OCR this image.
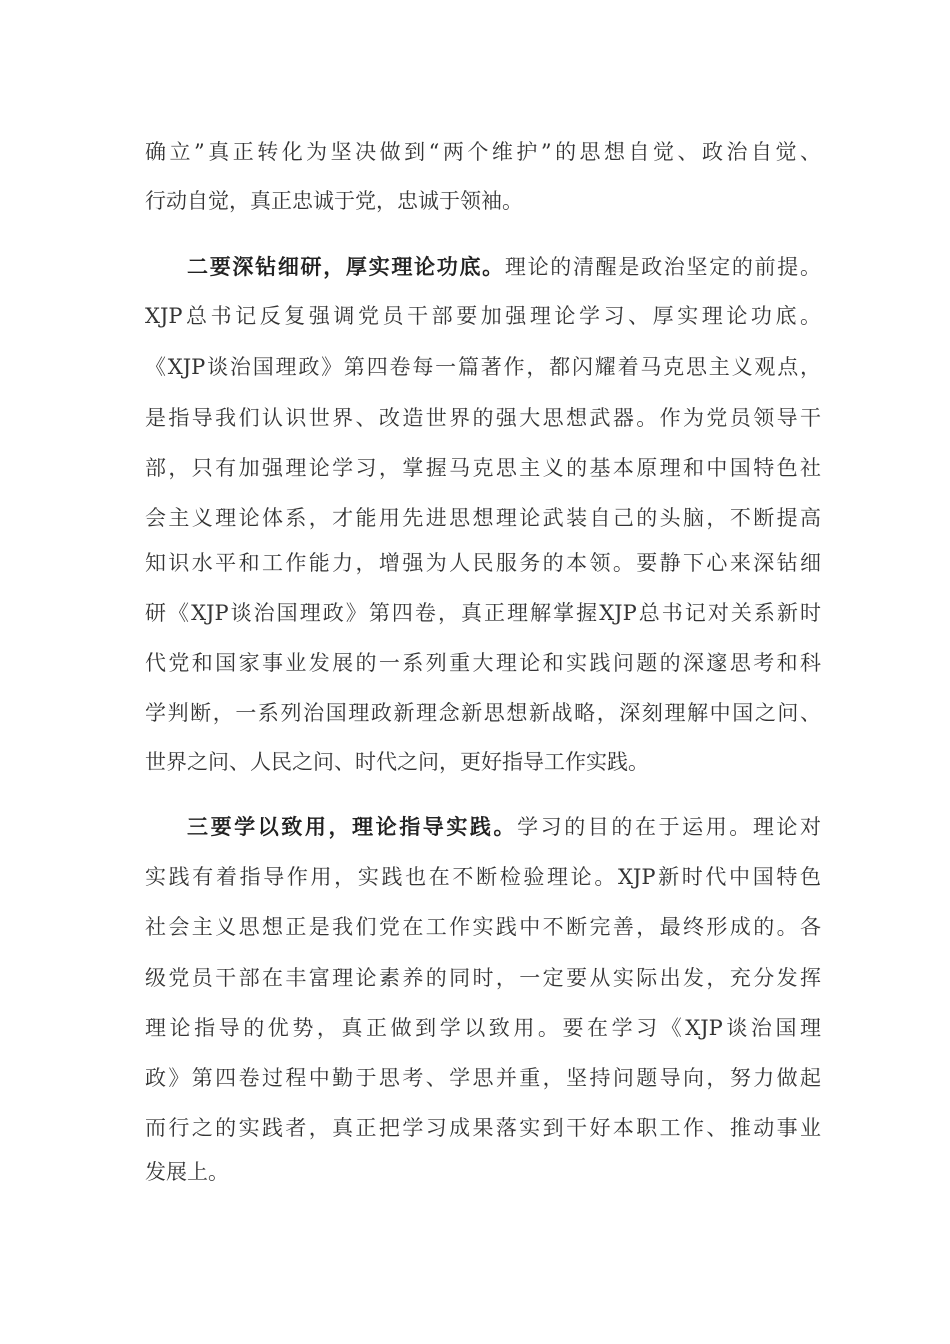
确立”真正转化为坚决做到“两个维护”的思想自觉、政治自觉、
行动自觉，真正忠诚于党，忠诚于领袖。
二要深钻细研，厚实理论功底。理论的清醒是政治坚定的前提。
XJP总书记反复强调党员干部要加强理论学习、厚实理论功底。
《XJP谈治国理政》第四卷每一篇著作，都闪耀着马克思主义观点，
是指导我们认识世界、改造世界的强大思想武器。作为党员领导干
部，只有加强理论学习，掌握马克思主义的基本原理和中国特色社
会主义理论体系，才能用先进思想理论武装自己的头脑，不断提高
知识水平和工作能力，增强为人民服务的本领。要静下心来深钻细
研《XJP谈治国理政》第四卷，真正理解掌握XJP总书记对关系新时
代党和国家事业发展的一系列重大理论和实践问题的深邃思考和科
学判断，一系列治国理政新理念新思想新战略，深刻理解中国之问、
世界之问、人民之问、时代之问，更好指导工作实践。
三要学以致用，理论指导实践。学习的目的在于运用。理论对
实践有着指导作用，实践也在不断检验理论。XJP新时代中国特色
社会主义思想正是我们党在工作实践中不断完善，最终形成的。各
级党员干部在丰富理论素养的同时，一定要从实际出发，充分发挥
理论指导的优势，真正做到学以致用。要在学习《XJP谈治国理
政》第四卷过程中勤于思考、学思并重，坚持问题导向，努力做起
而行之的实践者，真正把学习成果落实到干好本职工作、推动事业
发展上。
